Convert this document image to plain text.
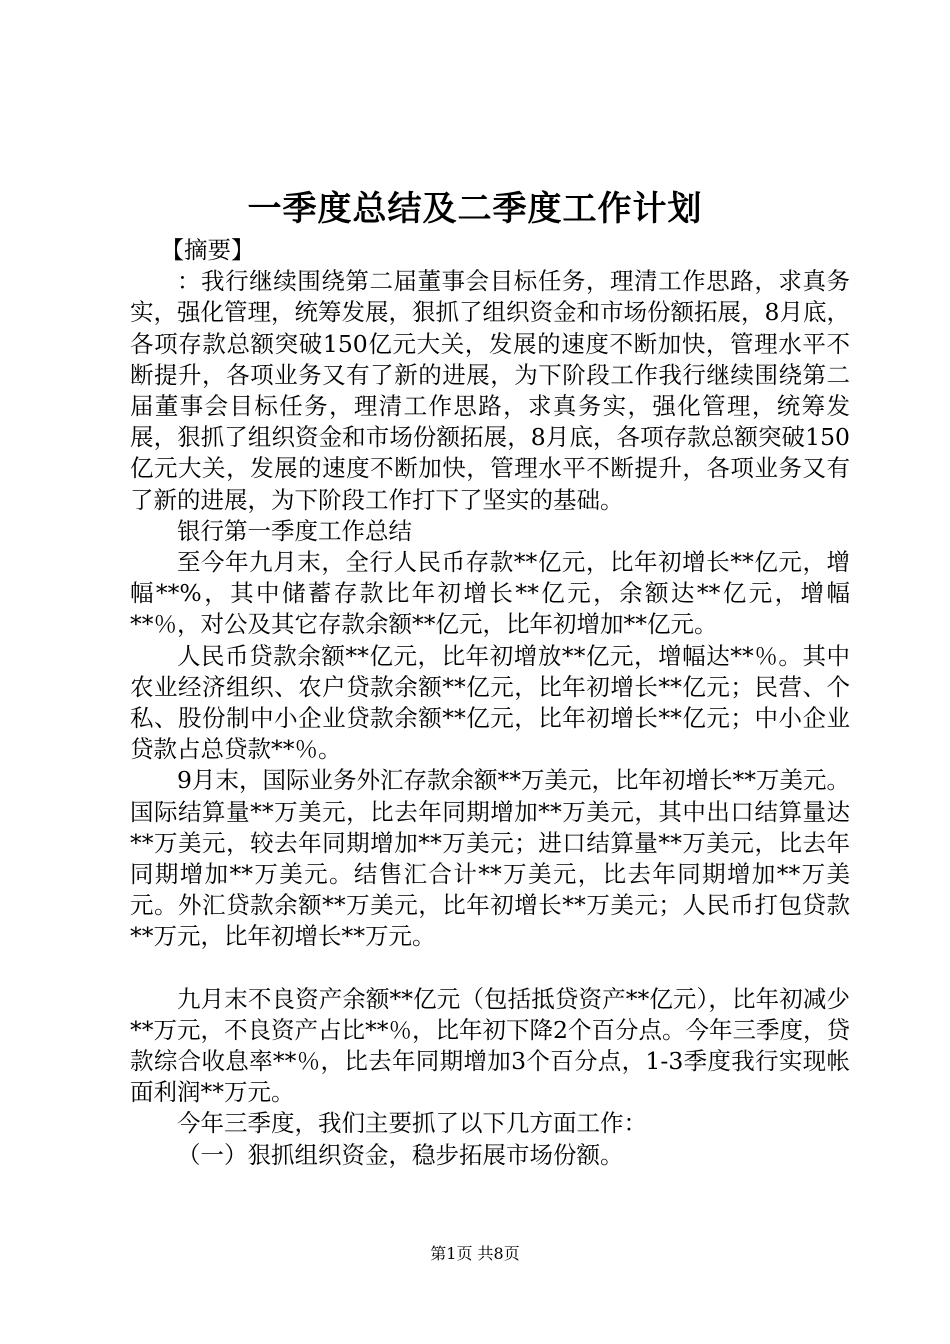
一季度总结及二季度工作计划

【摘要】

：我行继续围绕第二届董事会目标任务，理清工作思路，求真务实，强化管理，统筹发展，狠抓了组织资金和市场份额拓展，8月底，各项存款总额突破150亿元大关，发展的速度不断加快，管理水平不断提升，各项业务又有了新的进展，为下阶段工作我行继续围绕第二届董事会目标任务，理清工作思路，求真务实，强化管理，统筹发展，狠抓了组织资金和市场份额拓展，8月底，各项存款总额突破150亿元大关，发展的速度不断加快，管理水平不断提升，各项业务又有了新的进展，为下阶段工作打下了坚实的基础。

银行第一季度工作总结

至今年九月末，全行人民币存款**亿元，比年初增长**亿元，增幅**%，其中储蓄存款比年初增长**亿元，余额达**亿元，增幅**％，对公及其它存款余额**亿元，比年初增加**亿元。

人民币贷款余额**亿元，比年初增放**亿元，增幅达**％。其中农业经济组织、农户贷款余额**亿元，比年初增长**亿元；民营、个私、股份制中小企业贷款余额**亿元，比年初增长**亿元；中小企业贷款占总贷款**％。

9月末，国际业务外汇存款余额**万美元，比年初增长**万美元。国际结算量**万美元，比去年同期增加**万美元，其中出口结算量达**万美元，较去年同期增加**万美元；进口结算量**万美元，比去年同期增加**万美元。结售汇合计**万美元，比去年同期增加**万美元。外汇贷款余额**万美元，比年初增长**万美元；人民币打包贷款**万元，比年初增长**万元。

九月末不良资产余额**亿元（包括抵贷资产**亿元），比年初减少**万元，不良资产占比**％，比年初下降2个百分点。今年三季度，贷款综合收息率**％，比去年同期增加3个百分点，1-3季度我行实现帐面利润**万元。

今年三季度，我们主要抓了以下几方面工作：

（一）狠抓组织资金，稳步拓展市场份额。

第1页 共8页
